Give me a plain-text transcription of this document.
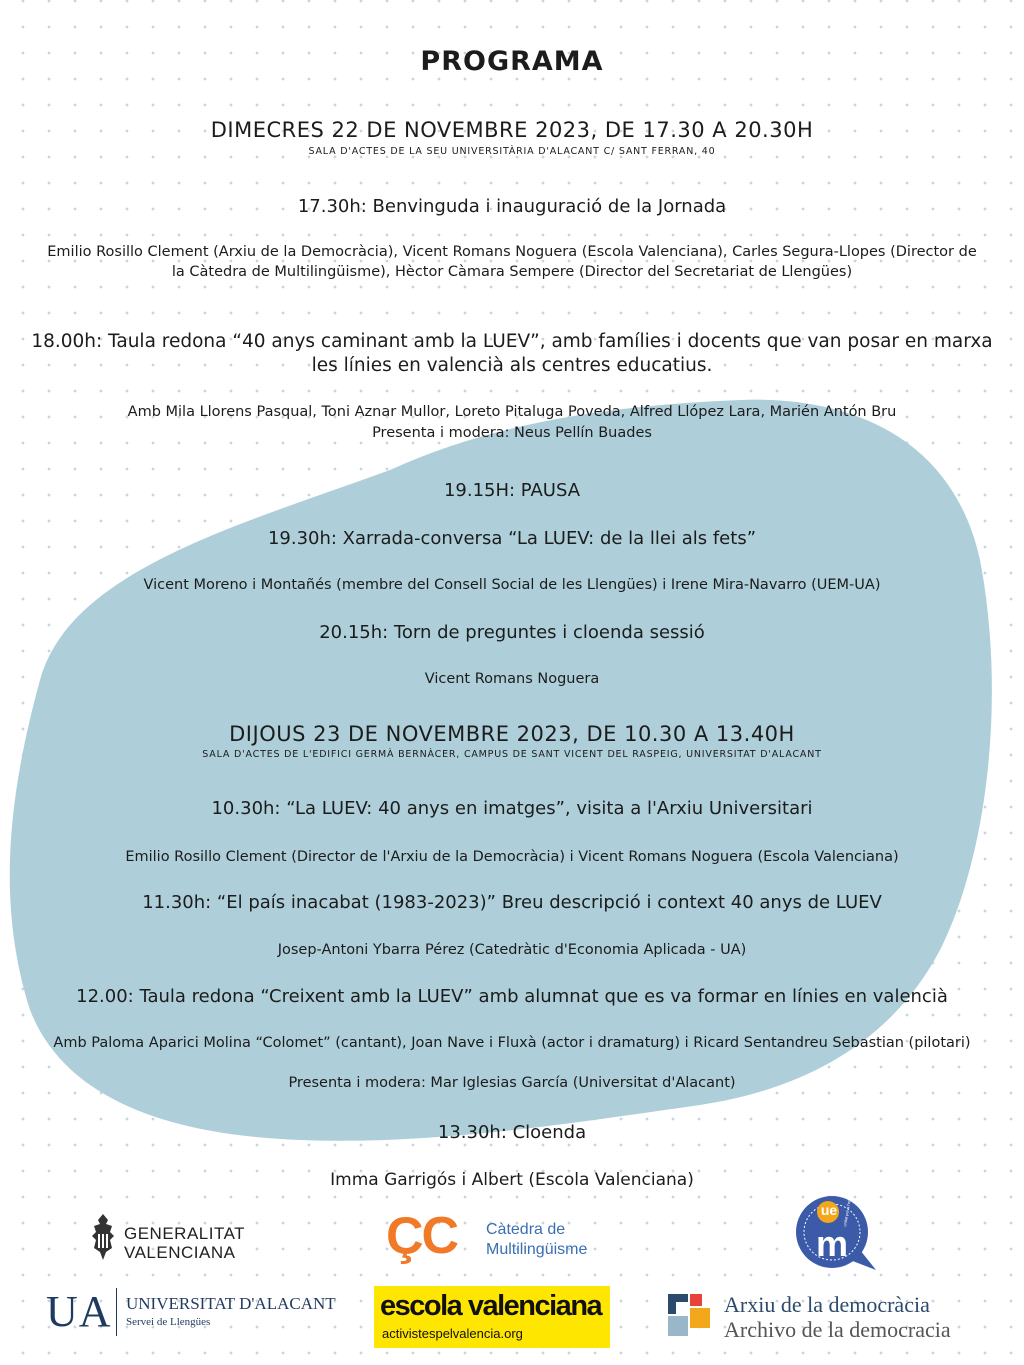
PROGRAMA
DIMECRES 22 DE NOVEMBRE 2023, DE 17.30 A 20.30H
SALA D'ACTES DE LA SEU UNIVERSITÀRIA D'ALACANT C/ SANT FERRAN, 40
17.30h: Benvinguda i inauguració de la Jornada
Emilio Rosillo Clement (Arxiu de la Democràcia), Vicent Romans Noguera (Escola Valenciana), Carles Segura-Llopes (Director de la Càtedra de Multilingüisme), Hèctor Càmara Sempere (Director del Secretariat de Llengües)
18.00h: Taula redona “40 anys caminant amb la LUEV”, amb famílies i docents que van posar en marxa les línies en valencià als centres educatius.
Amb Mila Llorens Pasqual, Toni Aznar Mullor, Loreto Pitaluga Poveda, Alfred Llópez Lara, Marién Antón Bru
Presenta i modera: Neus Pellín Buades
19.15H: PAUSA
19.30h: Xarrada-conversa “La LUEV: de la llei als fets”
Vicent Moreno i Montañés (membre del Consell Social de les Llengües) i Irene Mira-Navarro (UEM-UA)
20.15h: Torn de preguntes i cloenda sessió
Vicent Romans Noguera
DIJOUS 23 DE NOVEMBRE 2023, DE 10.30 A 13.40H
SALA D'ACTES DE L'EDIFICI GERMÀ BERNÀCER, CAMPUS DE SANT VICENT DEL RASPEIG, UNIVERSITAT D'ALACANT
10.30h: “La LUEV: 40 anys en imatges”, visita a l'Arxiu Universitari
Emilio Rosillo Clement (Director de l'Arxiu de la Democràcia) i Vicent Romans Noguera (Escola Valenciana)
11.30h: “El país inacabat (1983-2023)” Breu descripció i context 40 anys de LUEV
Josep-Antoni Ybarra Pérez (Catedràtic d'Economia Aplicada - UA)
12.00: Taula redona “Creixent amb la LUEV” amb alumnat que es va formar en línies en valencià
Amb Paloma Aparici Molina “Colomet” (cantant), Joan Nave i Fluxà (actor i dramaturg) i Ricard Sentandreu Sebastian (pilotari)
Presenta i modera: Mar Iglesias García (Universitat d'Alacant)
13.30h: Cloenda
Imma Garrigós i Albert (Escola Valenciana)
GENERALITAT
VALENCIANA	ÇC Càtedra de
Multilingüisme
ue
m
unitat per a l'educació multilingüe
UA UNIVERSITAT D'ALACANT
Servei de Llengües	escola valenciana
activistespelvalencia.org
Arxiu de la democràcia
Archivo de la democracia
